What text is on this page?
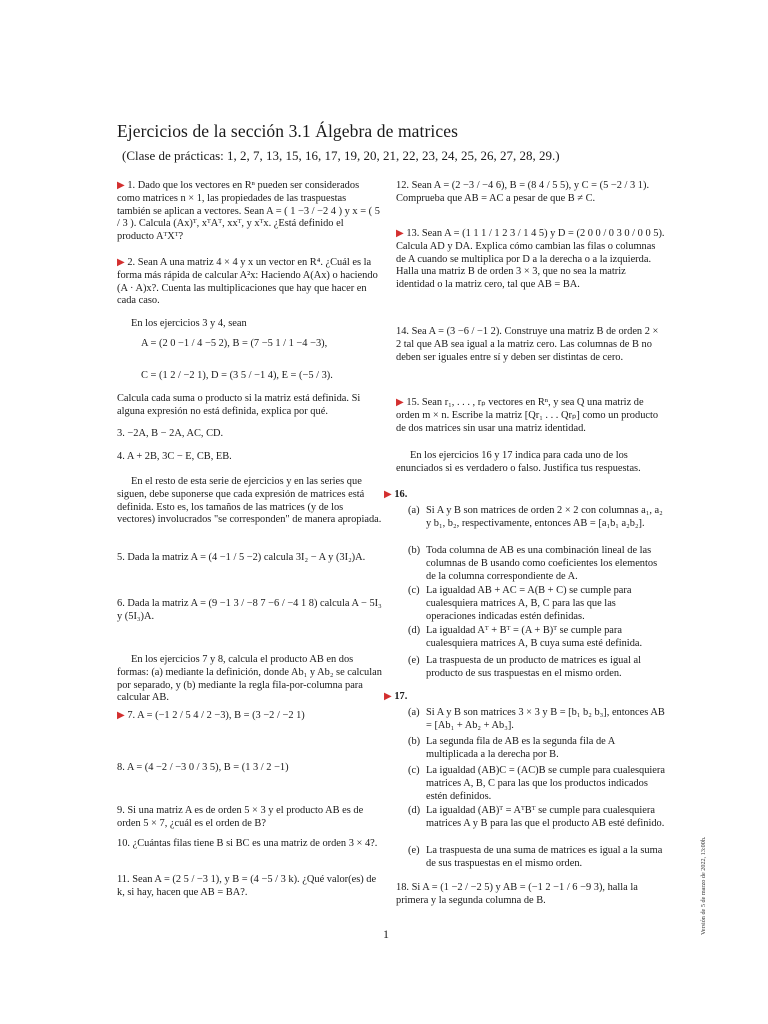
Ejercicios de la sección 3.1 Álgebra de matrices

(Clase de prácticas: 1, 2, 7, 13, 15, 16, 17, 19, 20, 21, 22, 23, 24, 25, 26, 27, 28, 29.)

▶ 1. Dado que los vectores en Rⁿ pueden ser considerados como matrices n × 1, las propiedades de las traspuestas también se aplican a vectores. Sean A = ( 1 −3 / −2 4 ) y x = ( 5 / 3 ). Calcula (Ax)ᵀ, xᵀAᵀ, xxᵀ, y xᵀx. ¿Está definido el producto AᵀXᵀ?
▶ 2. Sean A una matriz 4 × 4 y x un vector en R⁴. ¿Cuál es la forma más rápida de calcular A²x: Haciendo A(Ax) o haciendo (A · A)x?. Cuenta las multiplicaciones que hay que hacer en cada caso.
En los ejercicios 3 y 4, sean
A = (2 0 −1 / 4 −5 2), B = (7 −5 1 / 1 −4 −3),
C = (1 2 / −2 1), D = (3 5 / −1 4), E = (−5 / 3).
Calcula cada suma o producto si la matriz está definida. Si alguna expresión no está definida, explica por qué.
3. −2A, B − 2A, AC, CD.
4. A + 2B, 3C − E, CB, EB.
En el resto de esta serie de ejercicios y en las series que siguen, debe suponerse que cada expresión de matrices está definida. Esto es, los tamaños de las matrices (y de los vectores) involucrados "se corresponden" de manera apropiada.
5. Dada la matriz A = (4 −1 / 5 −2) calcula 3I₂ − A y (3I₂)A.
6. Dada la matriz A = (9 −1 3 / −8 7 −6 / −4 1 8) calcula A − 5I₃ y (5I₃)A.
En los ejercicios 7 y 8, calcula el producto AB en dos formas: (a) mediante la definición, donde Ab₁ y Ab₂ se calculan por separado, y (b) mediante la regla fila-por-columna para calcular AB.
▶ 7. A = (−1 2 / 5 4 / 2 −3), B = (3 −2 / −2 1)
8. A = (4 −2 / −3 0 / 3 5), B = (1 3 / 2 −1)
9. Si una matriz A es de orden 5 × 3 y el producto AB es de orden 5 × 7, ¿cuál es el orden de B?
10. ¿Cuántas filas tiene B si BC es una matriz de orden 3 × 4?.
11. Sean A = (2 5 / −3 1), y B = (4 −5 / 3 k). ¿Qué valor(es) de k, si hay, hacen que AB = BA?.
12. Sean A = (2 −3 / −4 6), B = (8 4 / 5 5), y C = (5 −2 / 3 1). Comprueba que AB = AC a pesar de que B ≠ C.
▶ 13. Sean A = (1 1 1 / 1 2 3 / 1 4 5) y D = (2 0 0 / 0 3 0 / 0 0 5). Calcula AD y DA. Explica cómo cambian las filas o columnas de A cuando se multiplica por D a la derecha o a la izquierda. Halla una matriz B de orden 3 × 3, que no sea la matriz identidad o la matriz cero, tal que AB = BA.
14. Sea A = (3 −6 / −1 2). Construye una matriz B de orden 2 × 2 tal que AB sea igual a la matriz cero. Las columnas de B no deben ser iguales entre sí y deben ser distintas de cero.
▶ 15. Sean r₁, . . . , rₚ vectores en Rⁿ, y sea Q una matriz de orden m × n. Escribe la matriz [Qr₁ . . . Qrₚ] como un producto de dos matrices sin usar una matriz identidad.
En los ejercicios 16 y 17 indica para cada uno de los enunciados si es verdadero o falso. Justifica tus respuestas.
▶ 16.
(a) Si A y B son matrices de orden 2 × 2 con columnas a₁, a₂ y b₁, b₂, respectivamente, entonces AB = [a₁b₁ a₂b₂].
(b) Toda columna de AB es una combinación lineal de las columnas de B usando como coeficientes los elementos de la columna correspondiente de A.
(c) La igualdad AB + AC = A(B + C) se cumple para cualesquiera matrices A, B, C para las que las operaciones indicadas estén definidas.
(d) La igualdad Aᵀ + Bᵀ = (A + B)ᵀ se cumple para cualesquiera matrices A, B cuya suma esté definida.
(e) La traspuesta de un producto de matrices es igual al producto de sus traspuestas en el mismo orden.
▶ 17.
(a) Si A y B son matrices 3 × 3 y B = [b₁ b₂ b₃], entonces AB = [Ab₁ + Ab₂ + Ab₃].
(b) La segunda fila de AB es la segunda fila de A multiplicada a la derecha por B.
(c) La igualdad (AB)C = (AC)B se cumple para cualesquiera matrices A, B, C para las que los productos indicados estén definidos.
(d) La igualdad (AB)ᵀ = AᵀBᵀ se cumple para cualesquiera matrices A y B para las que el producto AB esté definido.
(e) La traspuesta de una suma de matrices es igual a la suma de sus traspuestas en el mismo orden.
18. Si A = (1 −2 / −2 5) y AB = (−1 2 −1 / 6 −9 3), halla la primera y la segunda columna de B.
1	Versión de 5 de marzo de 2022, 13:00h.
